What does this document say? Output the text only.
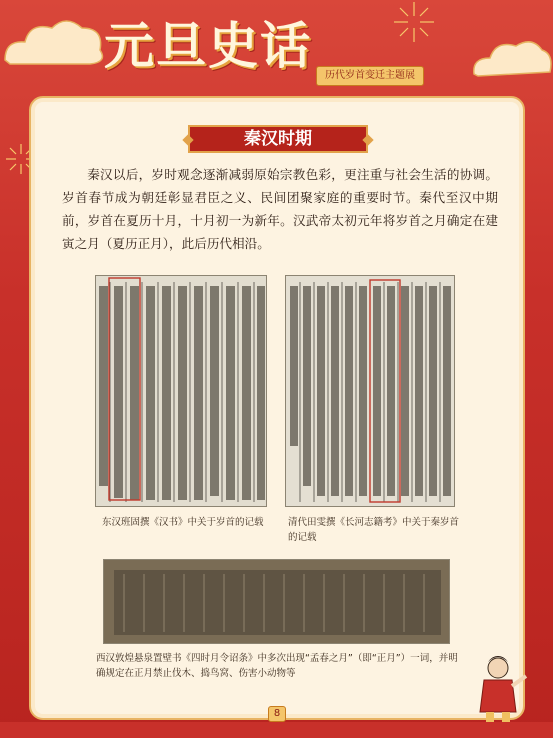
元旦史话
历代岁首变迁主题展
秦汉时期

秦汉以后，岁时观念逐渐减弱原始宗教色彩，更注重与社会生活的协调。岁首春节成为朝廷彰显君臣之义、民间团聚家庭的重要时节。秦代至汉中期前，岁首在夏历十月，十月初一为新年。汉武帝太初元年将岁首之月确定在建寅之月（夏历正月），此后历代相沿。

东汉班固撰《汉书》中关于岁首的记载	清代田雯撰《长河志籍考》中关于秦岁首的记载
西汉敦煌悬泉置壁书《四时月令诏条》中多次出现“孟春之月”（即“正月”）一词，并明确规定在正月禁止伐木、捣鸟窝、伤害小动物等
8
